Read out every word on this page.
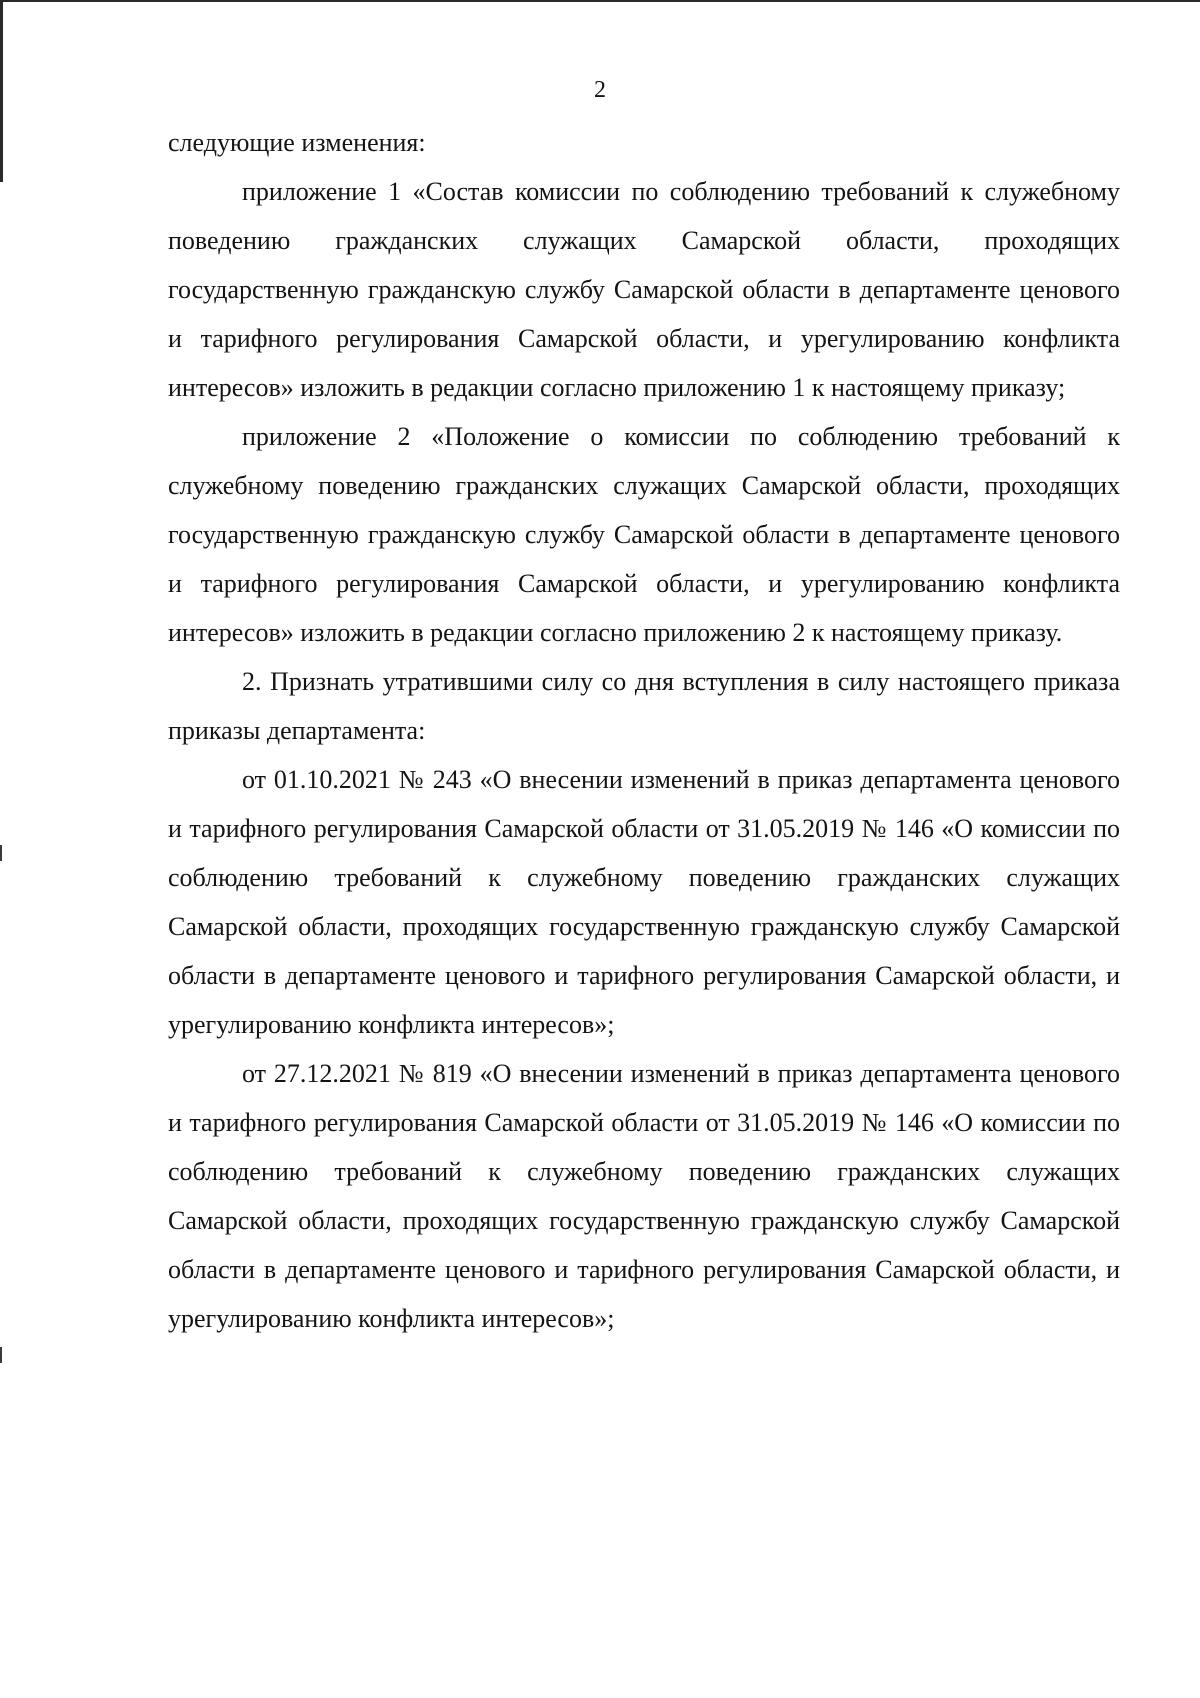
2

следующие изменения:

приложение 1 «Состав комиссии по соблюдению требований к служебному поведению гражданских служащих Самарской области, проходящих государственную гражданскую службу Самарской области в департаменте ценового и тарифного регулирования Самарской области, и урегулированию конфликта интересов» изложить в редакции согласно приложению 1 к настоящему приказу;

приложение 2 «Положение о комиссии по соблюдению требований к служебному поведению гражданских служащих Самарской области, проходящих государственную гражданскую службу Самарской области в департаменте ценового и тарифного регулирования Самарской области, и урегулированию конфликта интересов» изложить в редакции согласно приложению 2 к настоящему приказу.

2. Признать утратившими силу со дня вступления в силу настоящего приказа приказы департамента:

от 01.10.2021 № 243 «О внесении изменений в приказ департамента ценового и тарифного регулирования Самарской области от 31.05.2019 № 146 «О комиссии по соблюдению требований к служебному поведению гражданских служащих Самарской области, проходящих государственную гражданскую службу Самарской области в департаменте ценового и тарифного регулирования Самарской области, и урегулированию конфликта интересов»;

от 27.12.2021 № 819 «О внесении изменений в приказ департамента ценового и тарифного регулирования Самарской области от 31.05.2019 № 146 «О комиссии по соблюдению требований к служебному поведению гражданских служащих Самарской области, проходящих государственную гражданскую службу Самарской области в департаменте ценового и тарифного регулирования Самарской области, и урегулированию конфликта интересов»;
